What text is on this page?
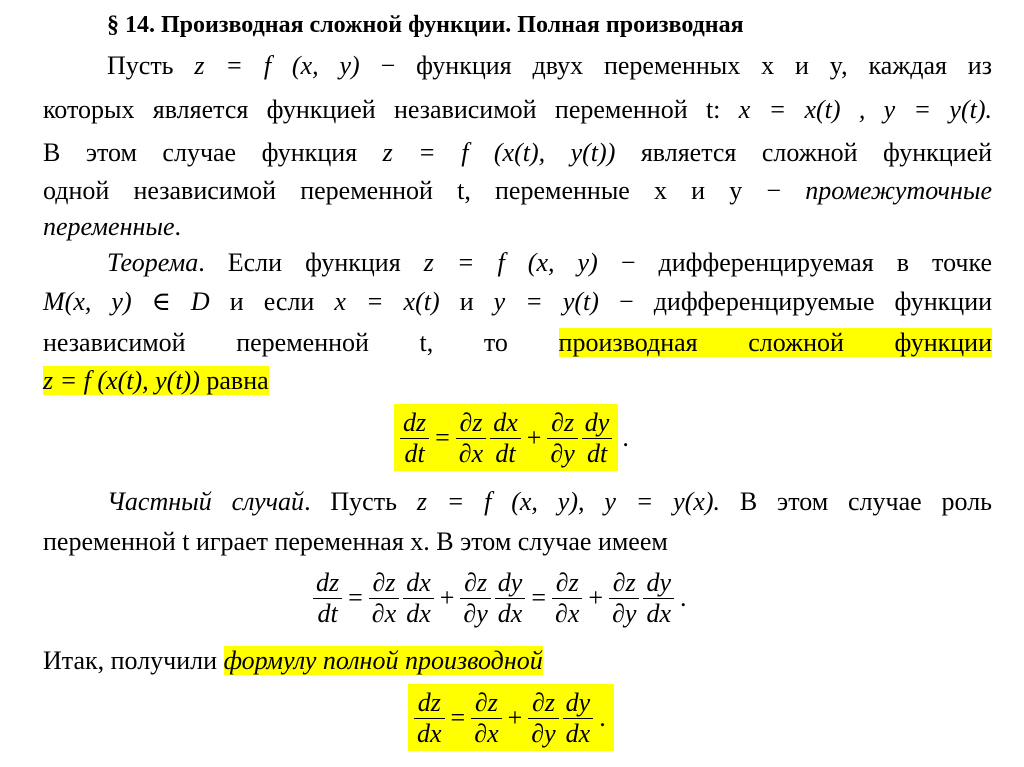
§ 14. Производная сложной функции. Полная производная
Пусть z = f (x, y) − функция двух переменных x и y, каждая из
которых является функцией независимой переменной t: x = x(t) , y = y(t).
В этом случае функция z = f (x(t), y(t)) является сложной функцией
одной независимой переменной t, переменные x и y − промежуточные
переменные.
Теорема. Если функция z = f (x, y) − дифференцируемая в точке
M(x, y) ∈ D и если x = x(t) и y = y(t) − дифференцируемые функции
независимой переменной t, то производная сложной функции
z = f (x(t), y(t)) равна
$\frac{dz}{dt} = \frac{\partial z}{\partial x} \frac{dx}{dt} + \frac{\partial z}{\partial y} \frac{dy}{dt}$ .
Частный случай. Пусть z = f (x, y), y = y(x). В этом случае роль
переменной t играет переменная x. В этом случае имеем
$\frac{dz}{dt} = \frac{\partial z}{\partial x} \frac{dx}{dx} + \frac{\partial z}{\partial y} \frac{dy}{dx} = \frac{\partial z}{\partial x} + \frac{\partial z}{\partial y} \frac{dy}{dx}$ .
Итак, получили формулу полной производной
$\frac{dz}{dx} = \frac{\partial z}{\partial x} + \frac{\partial z}{\partial y} \frac{dy}{dx}$ .
